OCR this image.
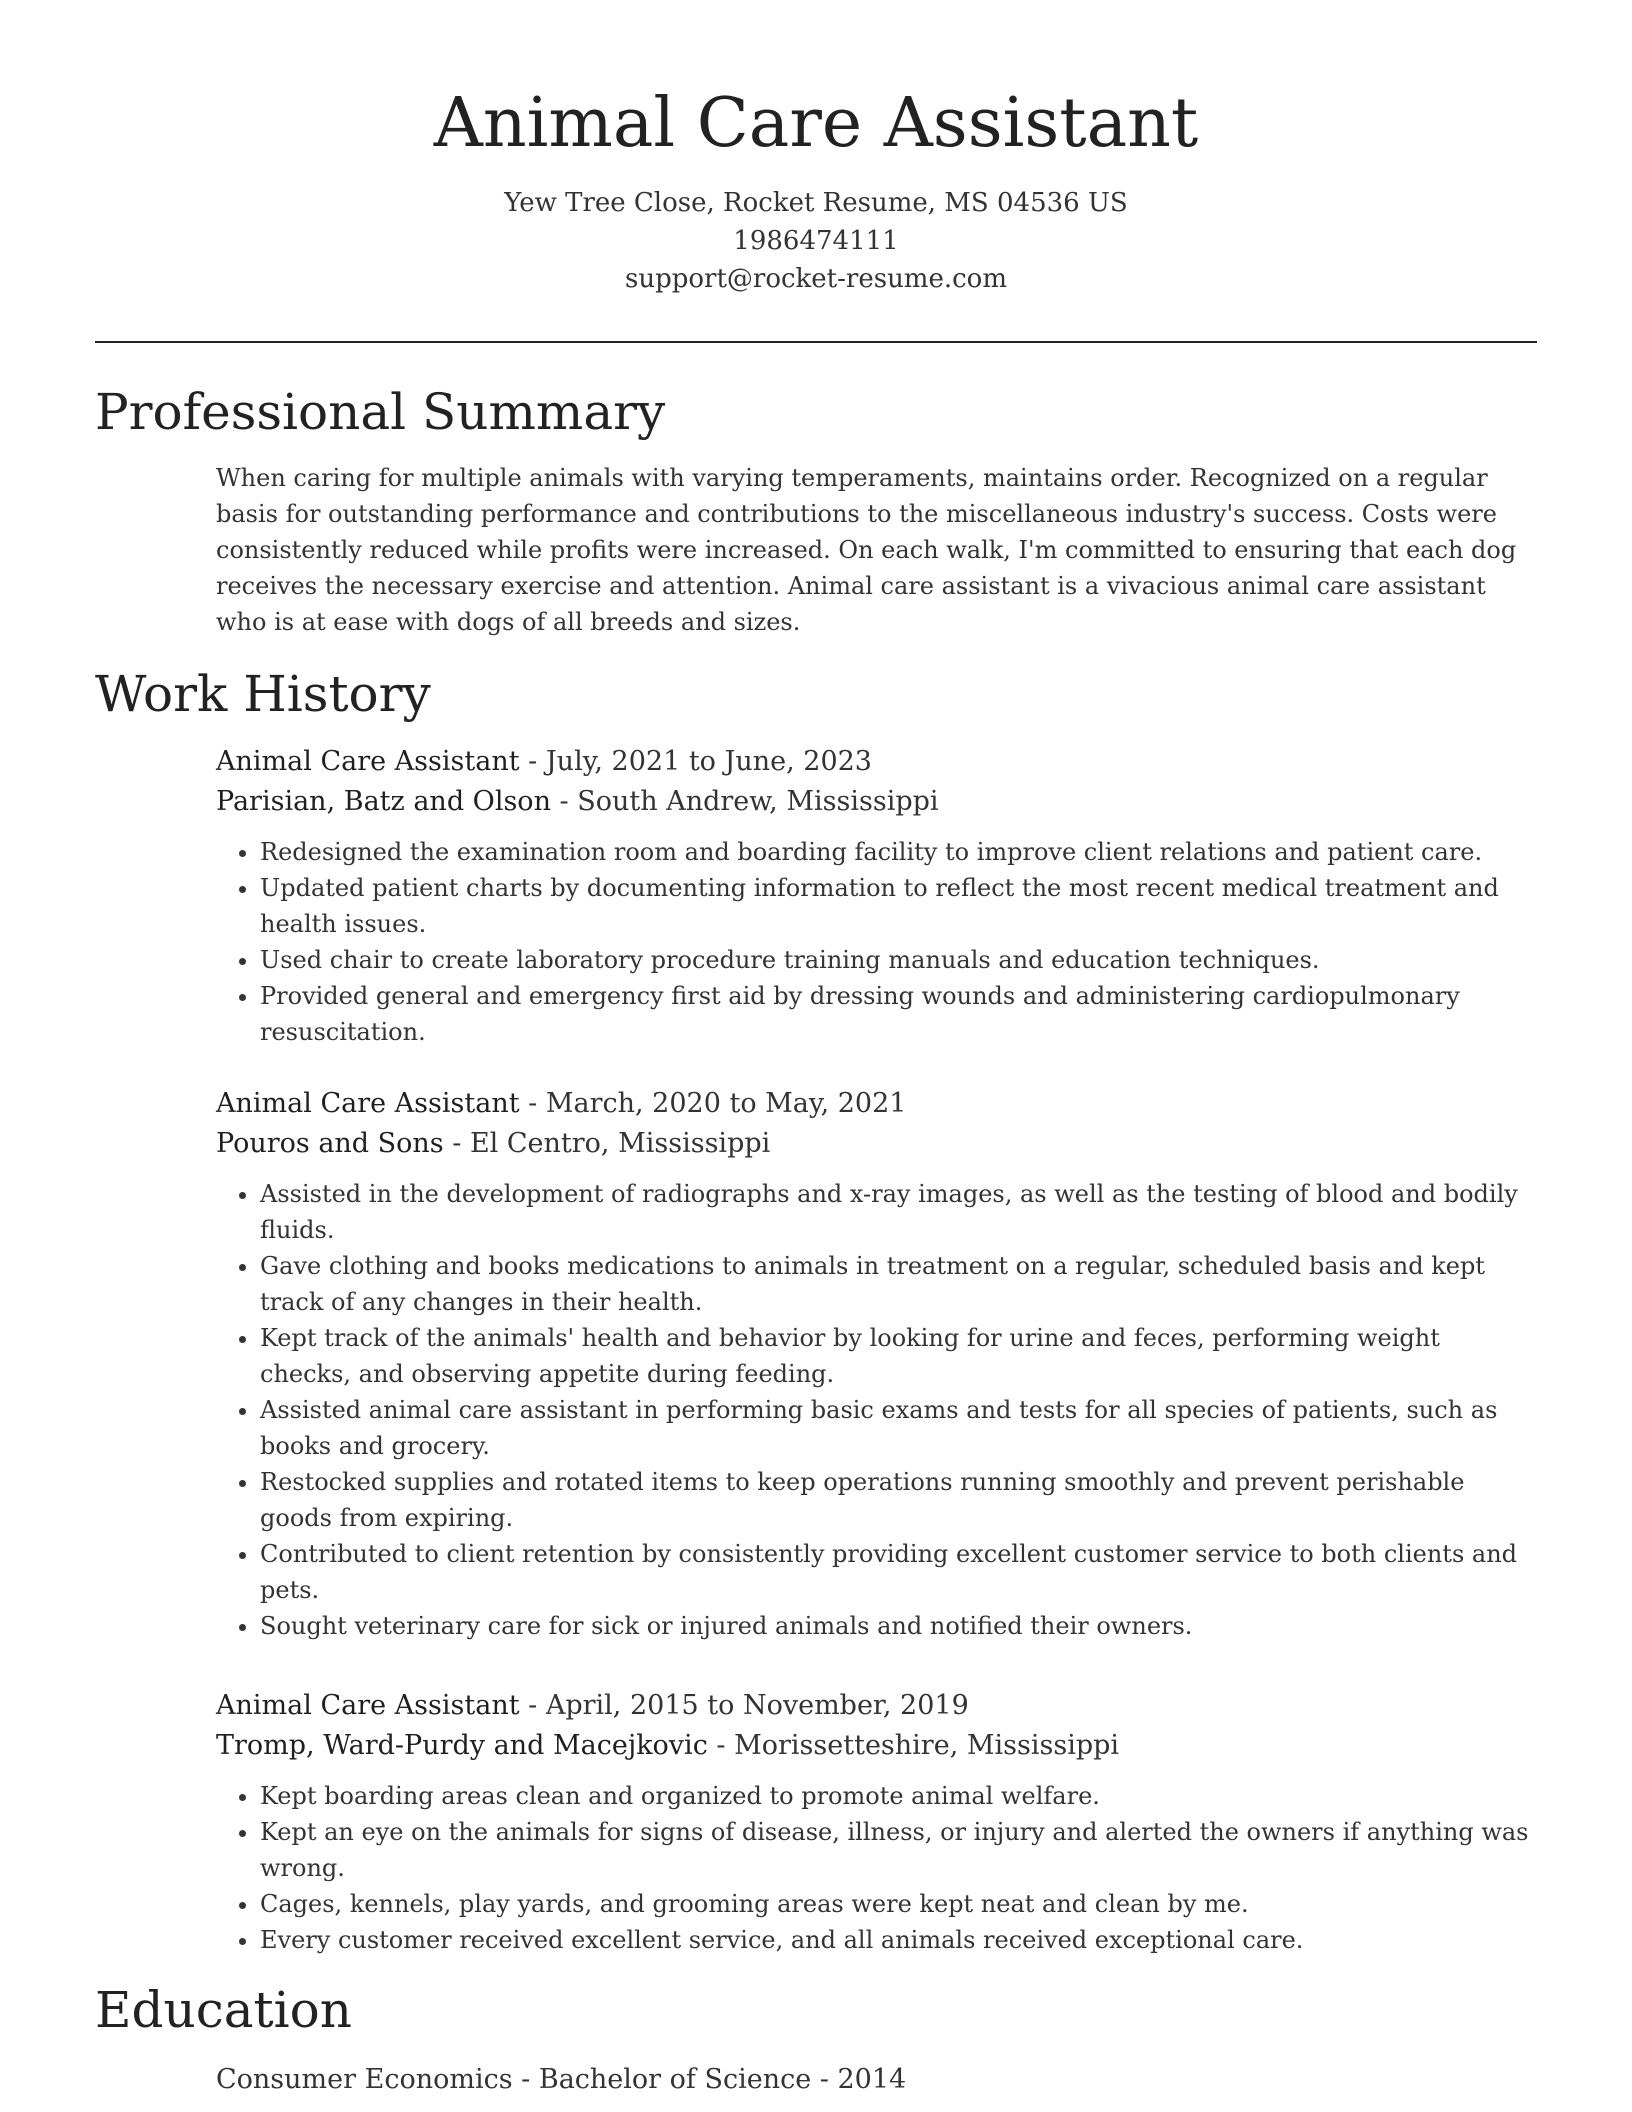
Animal Care Assistant
Yew Tree Close, Rocket Resume, MS 04536 US
1986474111
support@rocket-resume.com
Professional Summary

When caring for multiple animals with varying temperaments, maintains order. Recognized on a regular basis for outstanding performance and contributions to the miscellaneous industry's success. Costs were consistently reduced while profits were increased. On each walk, I'm committed to ensuring that each dog receives the necessary exercise and attention. Animal care assistant is a vivacious animal care assistant who is at ease with dogs of all breeds and sizes.

Work History
Animal Care Assistant - July, 2021 to June, 2023
Parisian, Batz and Olson - South Andrew, Mississippi
• Redesigned the examination room and boarding facility to improve client relations and patient care.
• Updated patient charts by documenting information to reflect the most recent medical treatment and health issues.
• Used chair to create laboratory procedure training manuals and education techniques.
• Provided general and emergency first aid by dressing wounds and administering cardiopulmonary resuscitation.
Animal Care Assistant - March, 2020 to May, 2021
Pouros and Sons - El Centro, Mississippi
• Assisted in the development of radiographs and x-ray images, as well as the testing of blood and bodily fluids.
• Gave clothing and books medications to animals in treatment on a regular, scheduled basis and kept track of any changes in their health.
• Kept track of the animals' health and behavior by looking for urine and feces, performing weight checks, and observing appetite during feeding.
• Assisted animal care assistant in performing basic exams and tests for all species of patients, such as books and grocery.
• Restocked supplies and rotated items to keep operations running smoothly and prevent perishable goods from expiring.
• Contributed to client retention by consistently providing excellent customer service to both clients and pets.
• Sought veterinary care for sick or injured animals and notified their owners.
Animal Care Assistant - April, 2015 to November, 2019
Tromp, Ward-Purdy and Macejkovic - Morissetteshire, Mississippi
• Kept boarding areas clean and organized to promote animal welfare.
• Kept an eye on the animals for signs of disease, illness, or injury and alerted the owners if anything was wrong.
• Cages, kennels, play yards, and grooming areas were kept neat and clean by me.
• Every customer received excellent service, and all animals received exceptional care.
Education
Consumer Economics - Bachelor of Science - 2014
